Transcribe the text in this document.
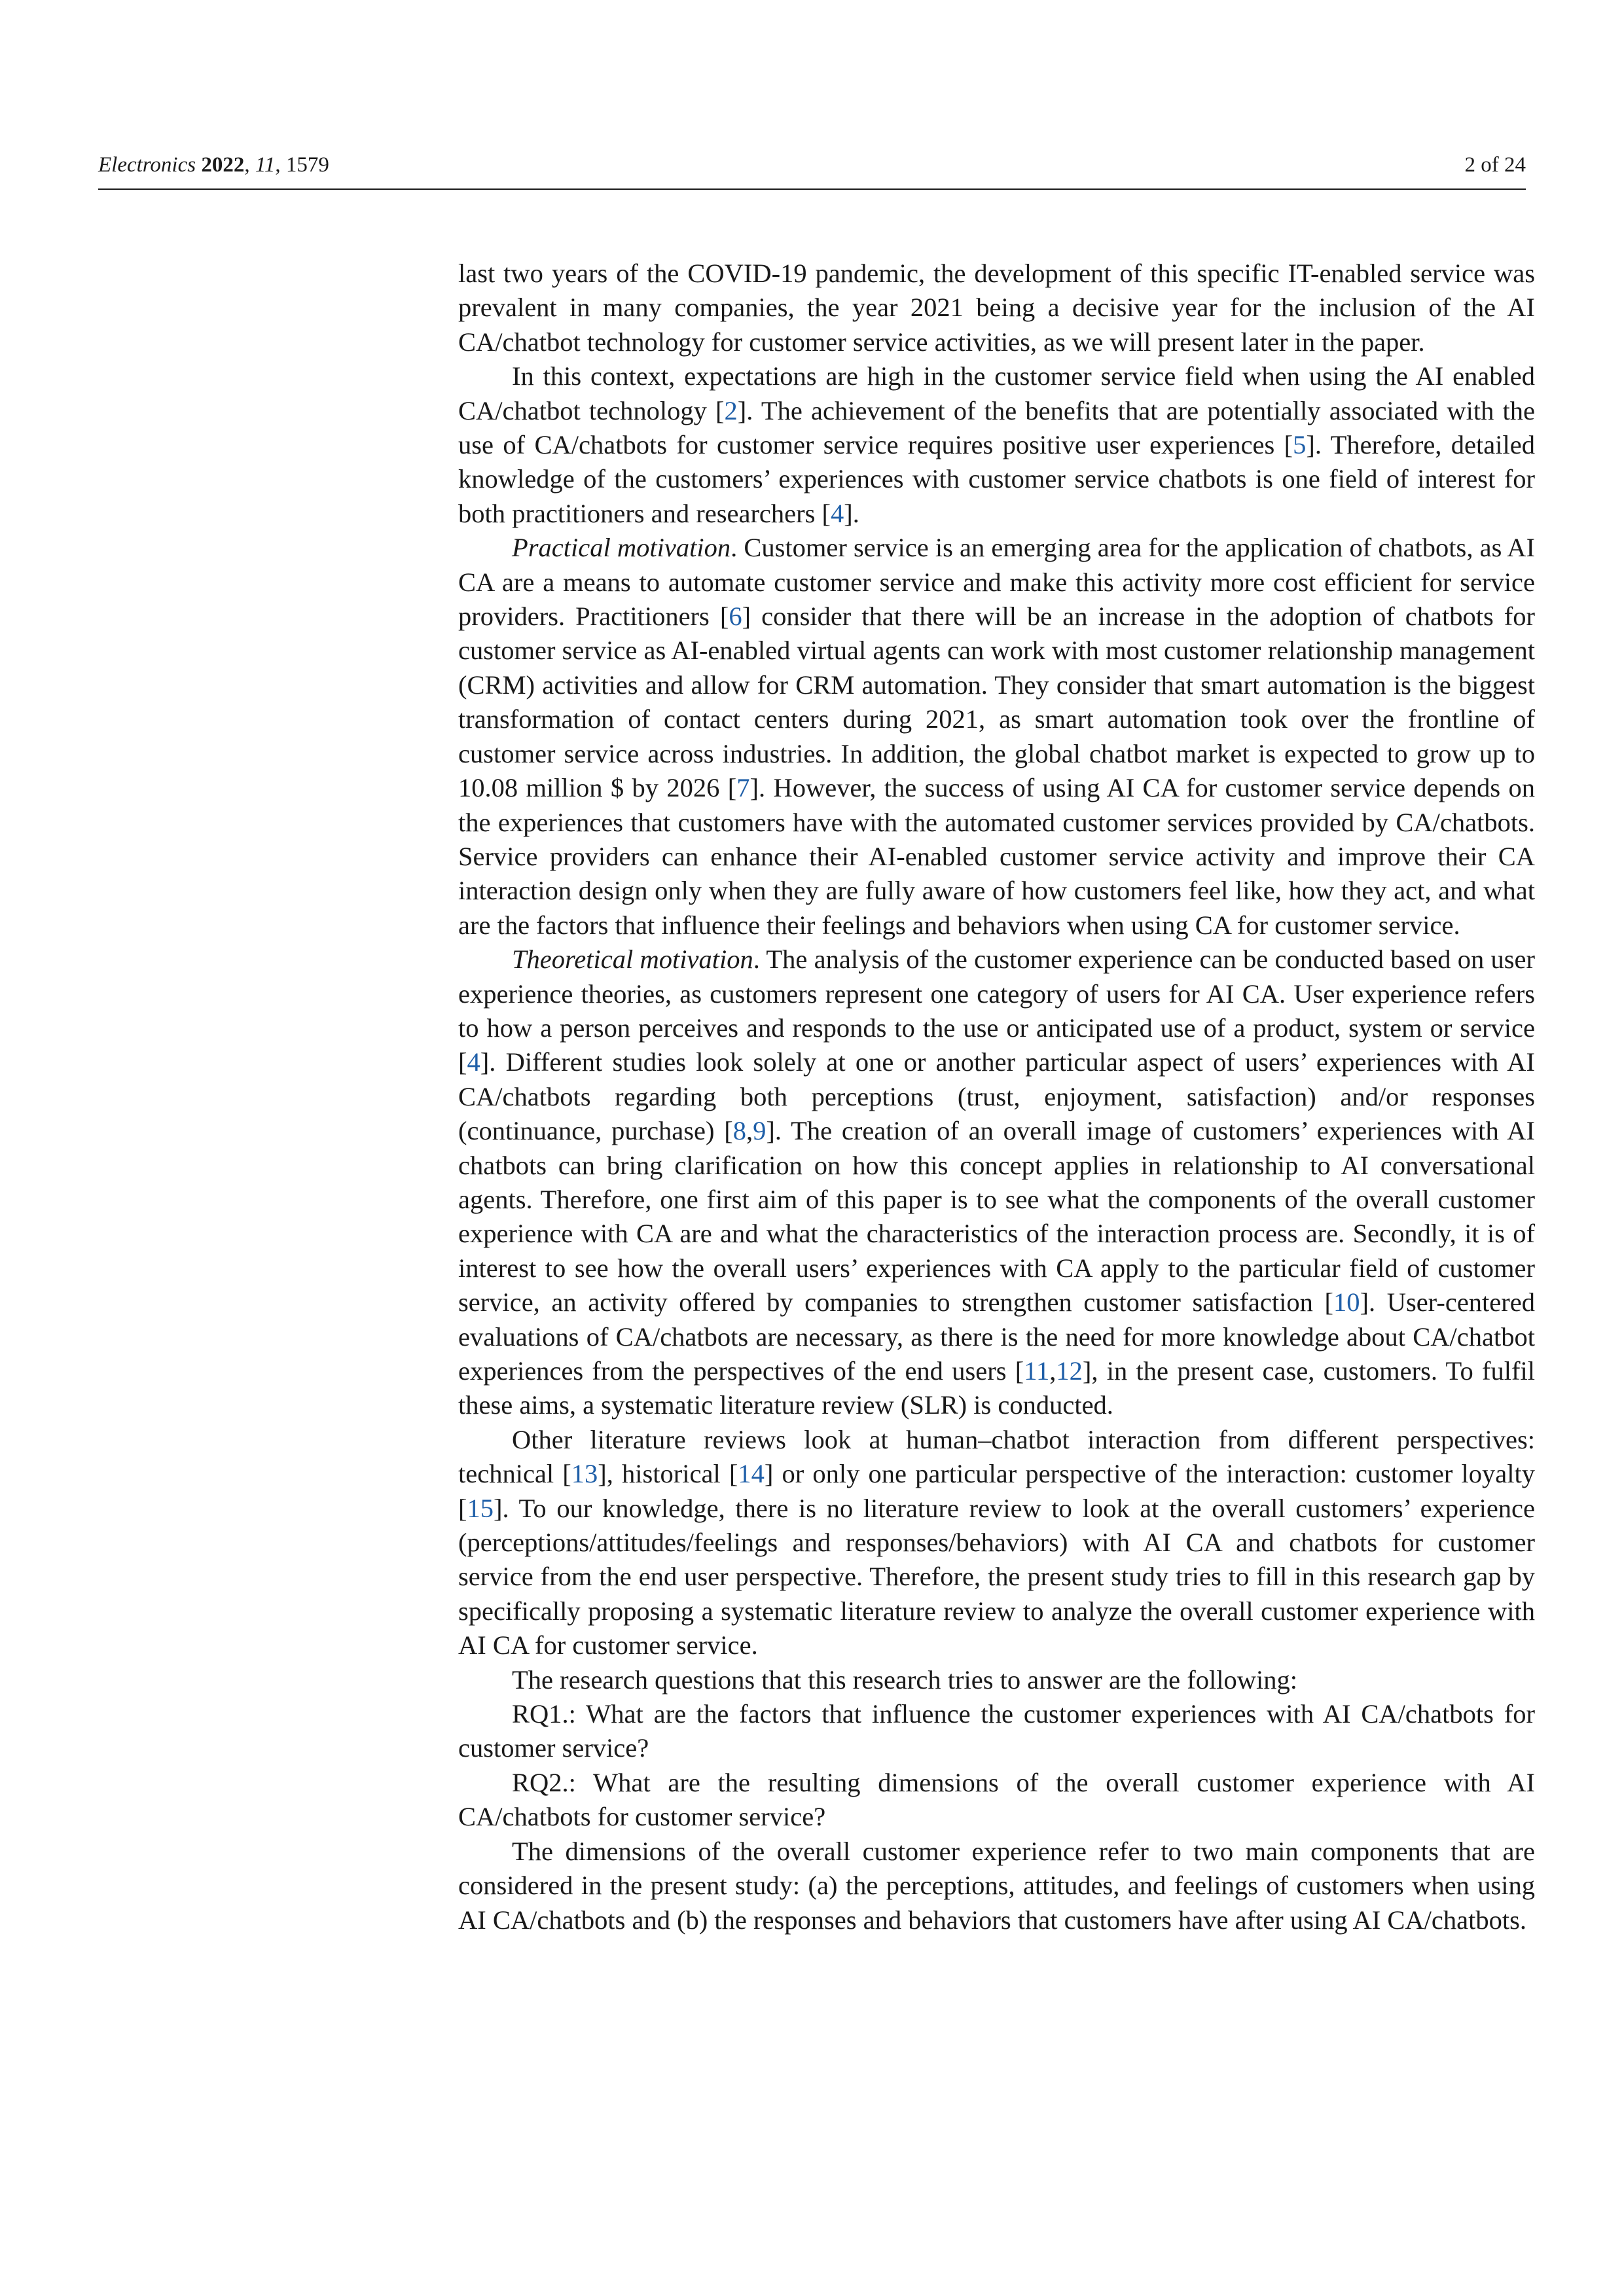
Electronics 2022, 11, 1579	2 of 24

last two years of the COVID-19 pandemic, the development of this specific IT-enabled service was prevalent in many companies, the year 2021 being a decisive year for the inclusion of the AI CA/chatbot technology for customer service activities, as we will present later in the paper.

In this context, expectations are high in the customer service field when using the AI enabled CA/chatbot technology [2]. The achievement of the benefits that are potentially associated with the use of CA/chatbots for customer service requires positive user experiences [5]. Therefore, detailed knowledge of the customers’ experiences with customer service chatbots is one field of interest for both practitioners and researchers [4].

Practical motivation. Customer service is an emerging area for the application of chatbots, as AI CA are a means to automate customer service and make this activity more cost efficient for service providers. Practitioners [6] consider that there will be an increase in the adoption of chatbots for customer service as AI-enabled virtual agents can work with most customer relationship management (CRM) activities and allow for CRM automation. They consider that smart automation is the biggest transformation of contact centers during 2021, as smart automation took over the frontline of customer service across industries. In addition, the global chatbot market is expected to grow up to 10.08 million $ by 2026 [7]. However, the success of using AI CA for customer service depends on the experiences that customers have with the automated customer services provided by CA/chatbots. Service providers can enhance their AI-enabled customer service activity and improve their CA interaction design only when they are fully aware of how customers feel like, how they act, and what are the factors that influence their feelings and behaviors when using CA for customer service.

Theoretical motivation. The analysis of the customer experience can be conducted based on user experience theories, as customers represent one category of users for AI CA. User experience refers to how a person perceives and responds to the use or anticipated use of a product, system or service [4]. Different studies look solely at one or another particular aspect of users’ experiences with AI CA/chatbots regarding both perceptions (trust, enjoyment, satisfaction) and/or responses (continuance, purchase) [8,9]. The creation of an overall image of customers’ experiences with AI chatbots can bring clarification on how this concept applies in relationship to AI conversational agents. Therefore, one first aim of this paper is to see what the components of the overall customer experience with CA are and what the characteristics of the interaction process are. Secondly, it is of interest to see how the overall users’ experiences with CA apply to the particular field of customer service, an activity offered by companies to strengthen customer satisfaction [10]. User-centered evaluations of CA/chatbots are necessary, as there is the need for more knowledge about CA/chatbot experiences from the perspectives of the end users [11,12], in the present case, customers. To fulfil these aims, a systematic literature review (SLR) is conducted.

Other literature reviews look at human–chatbot interaction from different perspectives: technical [13], historical [14] or only one particular perspective of the interaction: customer loyalty [15]. To our knowledge, there is no literature review to look at the overall customers’ experience (perceptions/attitudes/feelings and responses/behaviors) with AI CA and chatbots for customer service from the end user perspective. Therefore, the present study tries to fill in this research gap by specifically proposing a systematic literature review to analyze the overall customer experience with AI CA for customer service.

The research questions that this research tries to answer are the following:

RQ1.: What are the factors that influence the customer experiences with AI CA/chatbots for customer service?

RQ2.: What are the resulting dimensions of the overall customer experience with AI CA/chatbots for customer service?

The dimensions of the overall customer experience refer to two main components that are considered in the present study: (a) the perceptions, attitudes, and feelings of customers when using AI CA/chatbots and (b) the responses and behaviors that customers have after using AI CA/chatbots.
